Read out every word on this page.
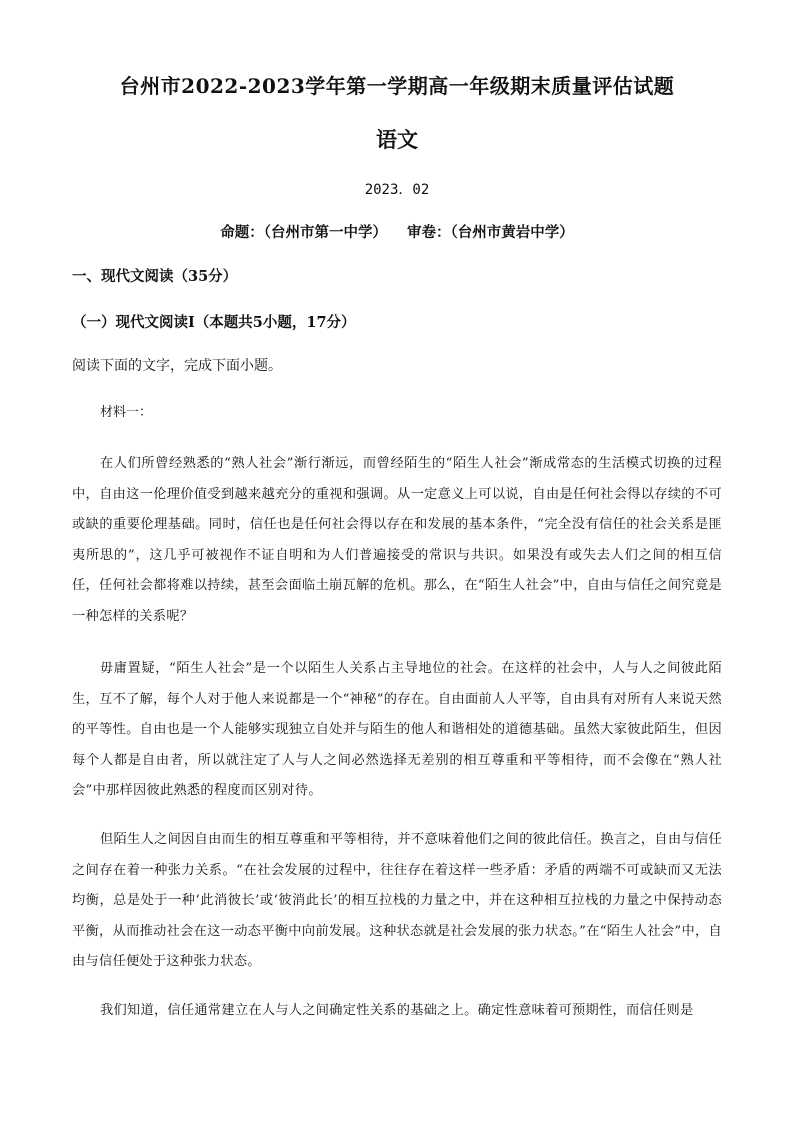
台州市2022-2023学年第一学期高一年级期末质量评估试题
语文
2023．02
命题：（台州市第一中学） 审卷：（台州市黄岩中学）
一、现代文阅读（35分）
（一）现代文阅读Ⅰ（本题共5小题，17分）
阅读下面的文字，完成下面小题。
材料一：

在人们所曾经熟悉的“熟人社会”渐行渐远，而曾经陌生的“陌生人社会”渐成常态的生活模式切换的过程中，自由这一伦理价值受到越来越充分的重视和强调。从一定意义上可以说，自由是任何社会得以存续的不可或缺的重要伦理基础。同时，信任也是任何社会得以存在和发展的基本条件，“完全没有信任的社会关系是匪夷所思的”，这几乎可被视作不证自明和为人们普遍接受的常识与共识。如果没有或失去人们之间的相互信任，任何社会都将难以持续，甚至会面临土崩瓦解的危机。那么，在“陌生人社会”中，自由与信任之间究竟是一种怎样的关系呢？

毋庸置疑，“陌生人社会”是一个以陌生人关系占主导地位的社会。在这样的社会中，人与人之间彼此陌生，互不了解，每个人对于他人来说都是一个“神秘”的存在。自由面前人人平等，自由具有对所有人来说天然的平等性。自由也是一个人能够实现独立自处并与陌生的他人和谐相处的道德基础。虽然大家彼此陌生，但因每个人都是自由者，所以就注定了人与人之间必然选择无差别的相互尊重和平等相待，而不会像在“熟人社会”中那样因彼此熟悉的程度而区别对待。

但陌生人之间因自由而生的相互尊重和平等相待，并不意味着他们之间的彼此信任。换言之，自由与信任之间存在着一种张力关系。“在社会发展的过程中，往往存在着这样一些矛盾：矛盾的两端不可或缺而又无法均衡，总是处于一种‘此消彼长’或‘彼消此长’的相互拉栈的力量之中，并在这种相互拉栈的力量之中保持动态平衡，从而推动社会在这一动态平衡中向前发展。这种状态就是社会发展的张力状态。”在“陌生人社会”中，自由与信任便处于这种张力状态。

我们知道，信任通常建立在人与人之间确定性关系的基础之上。确定性意味着可预期性，而信任则是
